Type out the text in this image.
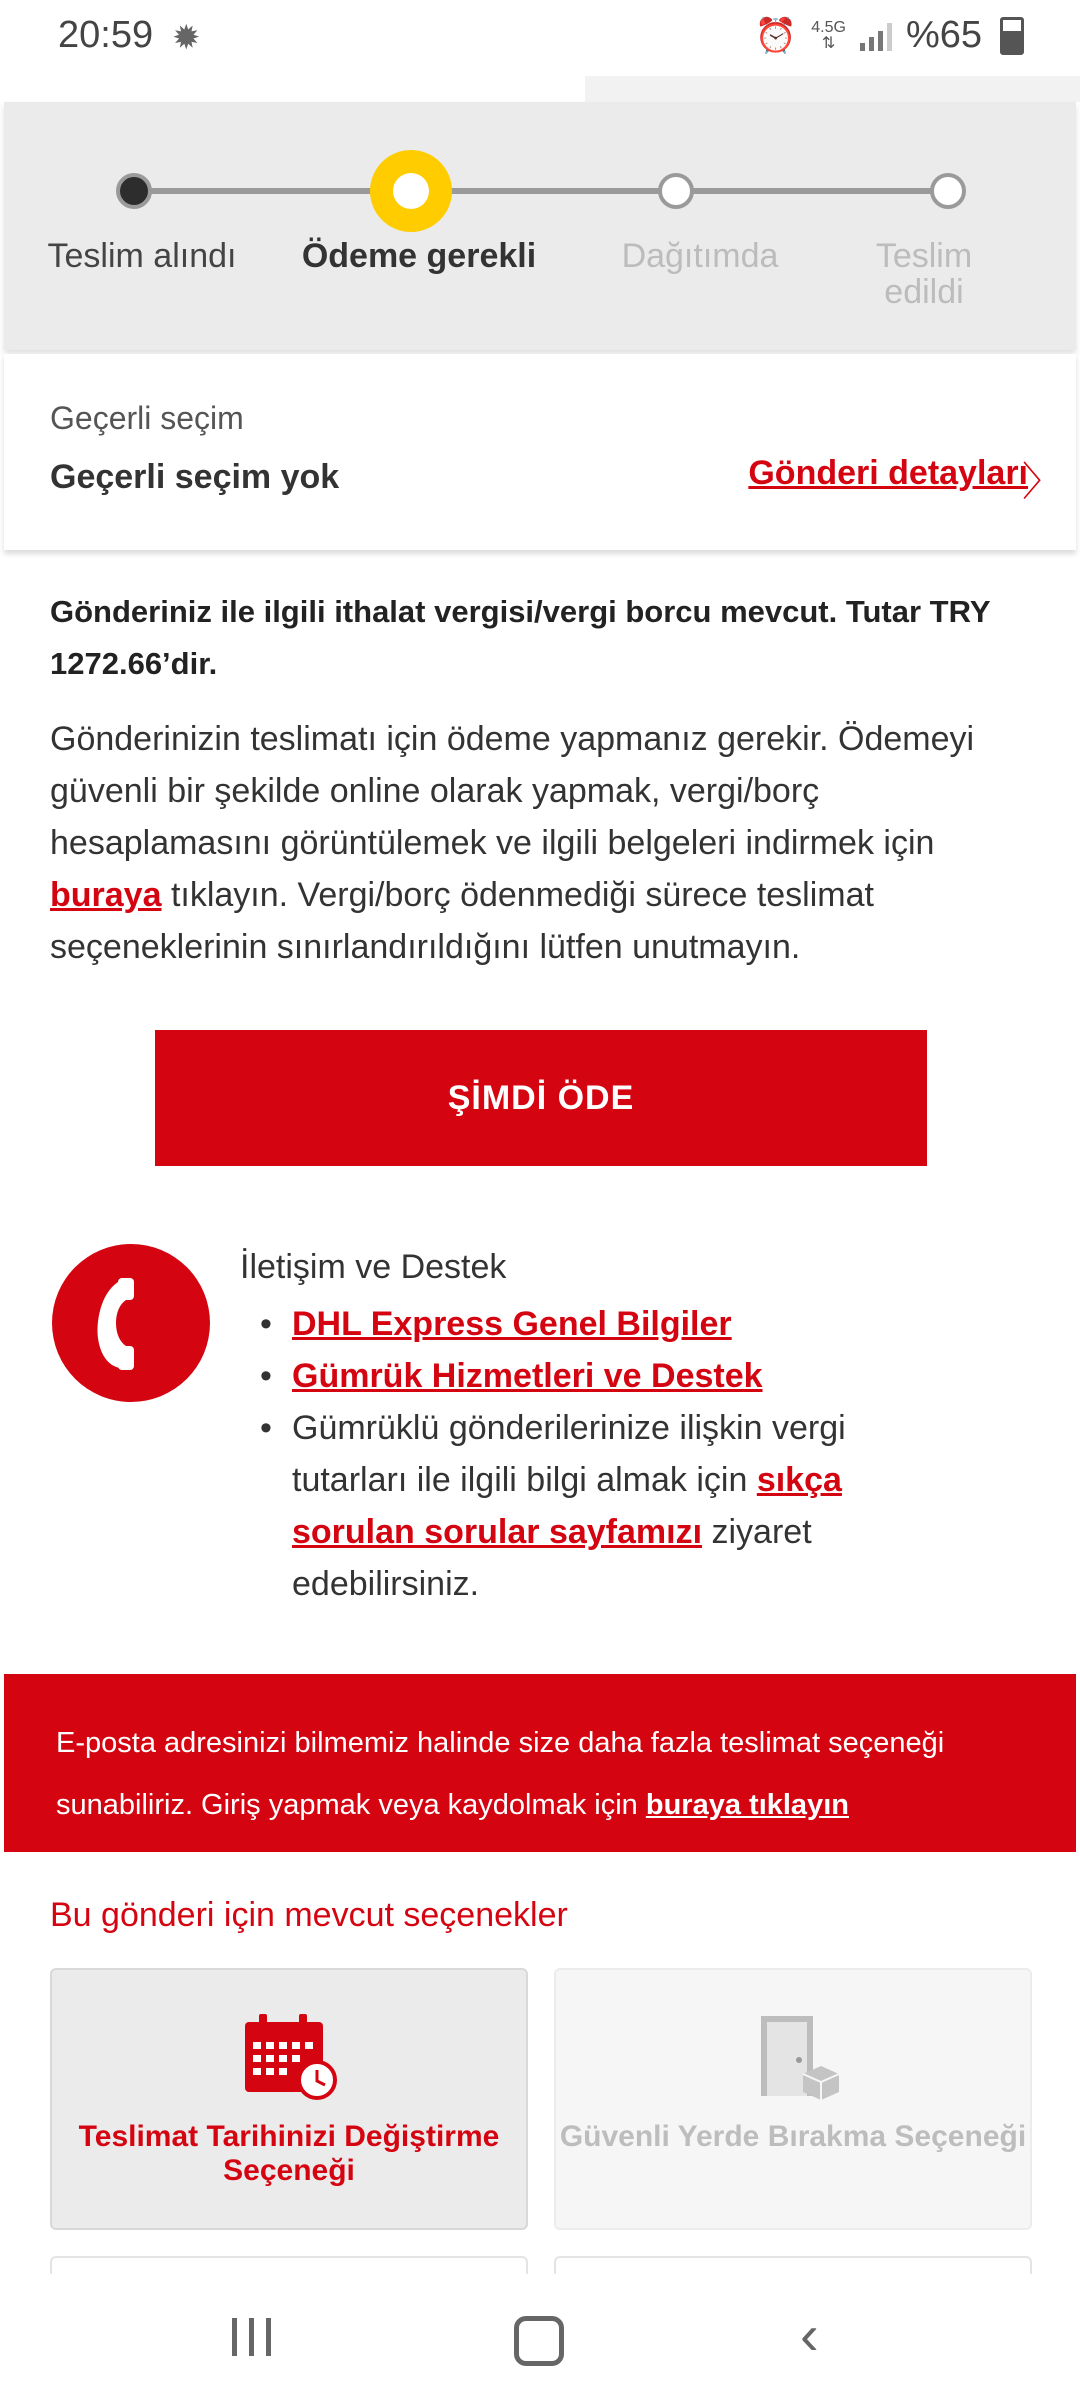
20:59 ✹	⏰ 4.5G
⇅ %65
Teslim alındı	Ödeme gerekli	Dağıtımda	Teslim edildi
Geçerli seçim
Geçerli seçim yok	Gönderi detayları
〉
Gönderiniz ile ilgili ithalat vergisi/vergi borcu mevcut. Tutar TRY 1272.66’dir.
Gönderinizin teslimatı için ödeme yapmanız gerekir. Ödemeyi güvenli bir şekilde online olarak yapmak, vergi/borç hesaplamasını görüntülemek ve ilgili belgeleri indirmek için buraya tıklayın. Vergi/borç ödenmediği sürece teslimat seçeneklerinin sınırlandırıldığını lütfen unutmayın.
ŞİMDİ ÖDE
İletişim ve Destek
• DHL Express Genel Bilgiler
• Gümrük Hizmetleri ve Destek
• Gümrüklü gönderilerinize ilişkin vergi tutarları ile ilgili bilgi almak için sıkça sorulan sorular sayfamızı ziyaret edebilirsiniz.
E-posta adresinizi bilmemiz halinde size daha fazla teslimat seçeneği sunabiliriz. Giriş yapmak veya kaydolmak için buraya tıklayın
Bu gönderi için mevcut seçenekler
Teslimat Tarihinizi Değiştirme Seçeneği
Güvenli Yerde Bırakma Seçeneği
‹
